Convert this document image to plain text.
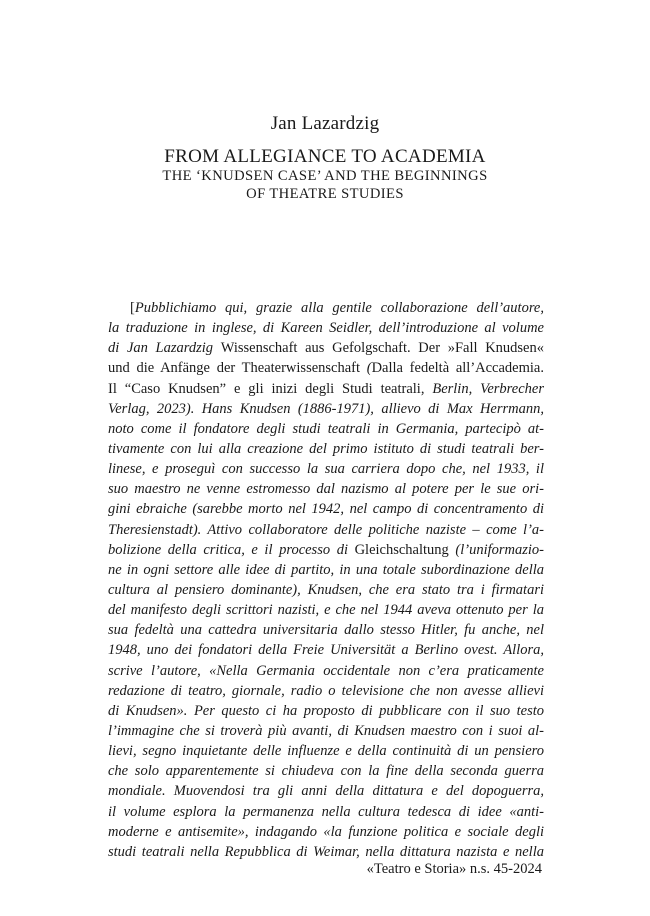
Jan Lazardzig
FROM ALLEGIANCE TO ACADEMIA
THE ‘KNUDSEN CASE’ AND THE BEGINNINGS
OF THEATRE STUDIES
[Pubblichiamo qui, grazie alla gentile collaborazione dell’autore,
la traduzione in inglese, di Kareen Seidler, dell’introduzione al volume
di Jan Lazardzig Wissenschaft aus Gefolgschaft. Der »Fall Knudsen«
und die Anfänge der Theaterwissenschaft (Dalla fedeltà all’Accademia.
Il “Caso Knudsen” e gli inizi degli Studi teatrali, Berlin, Verbrecher
Verlag, 2023). Hans Knudsen (1886-1971), allievo di Max Herrmann,
noto come il fondatore degli studi teatrali in Germania, partecipò at-
tivamente con lui alla creazione del primo istituto di studi teatrali ber-
linese, e proseguì con successo la sua carriera dopo che, nel 1933, il
suo maestro ne venne estromesso dal nazismo al potere per le sue ori-
gini ebraiche (sarebbe morto nel 1942, nel campo di concentramento di
Theresienstadt). Attivo collaboratore delle politiche naziste – come l’a-
bolizione della critica, e il processo di Gleichschaltung (l’uniformazio-
ne in ogni settore alle idee di partito, in una totale subordinazione della
cultura al pensiero dominante), Knudsen, che era stato tra i firmatari
del manifesto degli scrittori nazisti, e che nel 1944 aveva ottenuto per la
sua fedeltà una cattedra universitaria dallo stesso Hitler, fu anche, nel
1948, uno dei fondatori della Freie Universität a Berlino ovest. Allora,
scrive l’autore, «Nella Germania occidentale non c’era praticamente
redazione di teatro, giornale, radio o televisione che non avesse allievi
di Knudsen». Per questo ci ha proposto di pubblicare con il suo testo
l’immagine che si troverà più avanti, di Knudsen maestro con i suoi al-
lievi, segno inquietante delle influenze e della continuità di un pensiero
che solo apparentemente si chiudeva con la fine della seconda guerra
mondiale. Muovendosi tra gli anni della dittatura e del dopoguerra,
il volume esplora la permanenza nella cultura tedesca di idee «anti-
moderne e antisemite», indagando «la funzione politica e sociale degli
studi teatrali nella Repubblica di Weimar, nella dittatura nazista e nella
«Teatro e Storia» n.s. 45-2024
